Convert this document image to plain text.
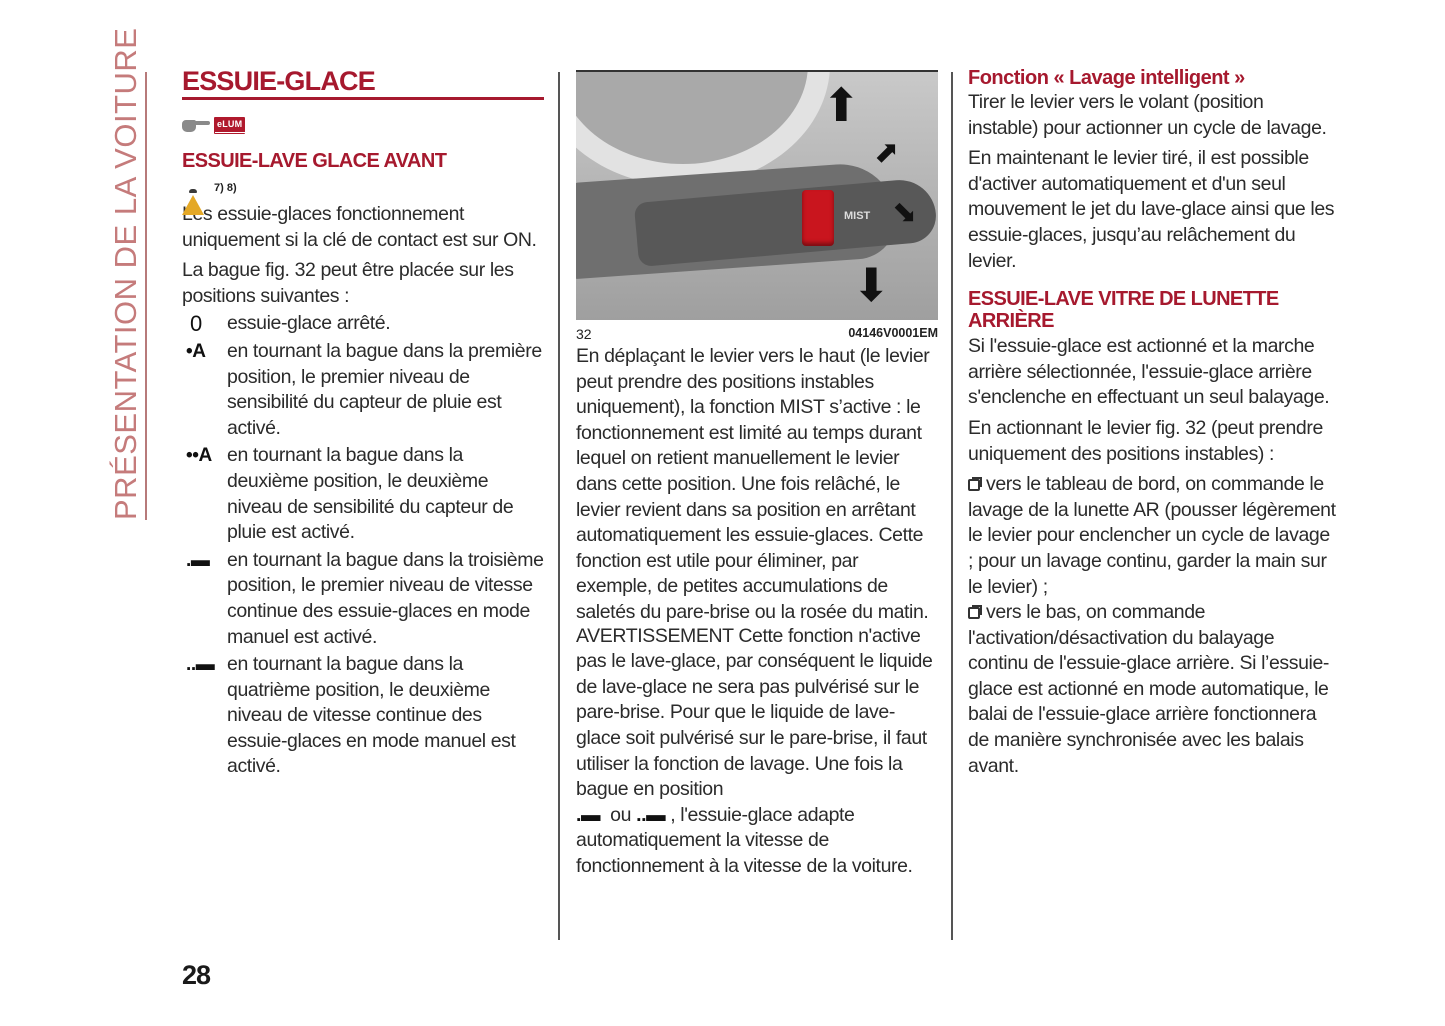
PRÉSENTATION DE LA VOITURE ESSUIE-GLACE
eLUM
ESSUIE-LAVE GLACE AVANT
7) 8)

Les essuie-glaces fonctionnement uniquement si la clé de contact est sur ON.

La bague fig. 32 peut être placée sur les positions suivantes :

0	essuie-glace arrêté.
•A	en tournant la bague dans la première position, le premier niveau de sensibilité du capteur de pluie est activé.
••A en tournant la bague dans la deuxième position, le deuxième niveau de sensibilité du capteur de pluie est activé.
.▬ en tournant la bague dans la troisième position, le premier niveau de vitesse continue des essuie-glaces en mode manuel est activé.
..▬ en tournant la bague dans la quatrième position, le deuxième niveau de vitesse continue des essuie-glaces en mode manuel est activé.
MIST
⬆
⬈
⬊
⬇
32	04146V0001EM

En déplaçant le levier vers le haut (le levier peut prendre des positions instables uniquement), la fonction MIST s’active : le fonctionnement est limité au temps durant lequel on retient manuellement le levier dans cette position. Une fois relâché, le levier revient dans sa position en arrêtant automatiquement les essuie-glaces. Cette fonction est utile pour éliminer, par exemple, de petites accumulations de saletés du pare-brise ou la rosée du matin.

AVERTISSEMENT Cette fonction n'active pas le lave-glace, par conséquent le liquide de lave-glace ne sera pas pulvérisé sur le pare-brise. Pour que le liquide de lave-glace soit pulvérisé sur le pare-brise, il faut utiliser la fonction de lavage. Une fois la bague en position
.▬ ou ..▬ , l'essuie-glace adapte automatiquement la vitesse de fonctionnement à la vitesse de la voiture.

Fonction « Lavage intelligent »

Tirer le levier vers le volant (position instable) pour actionner un cycle de lavage.

En maintenant le levier tiré, il est possible d'activer automatiquement et d'un seul mouvement le jet du lave-glace ainsi que les essuie-glaces, jusqu’au relâchement du levier.

ESSUIE-LAVE VITRE DE LUNETTE ARRIÈRE

Si l'essuie-glace est actionné et la marche arrière sélectionnée, l'essuie-glace arrière s'enclenche en effectuant un seul balayage.

En actionnant le levier fig. 32 (peut prendre uniquement des positions instables) :

vers le tableau de bord, on commande le lavage de la lunette AR (pousser légèrement le levier pour enclencher un cycle de lavage ; pour un lavage continu, garder la main sur le levier) ;

vers le bas, on commande l'activation/désactivation du balayage continu de l'essuie-glace arrière. Si l’essuie-glace est actionné en mode automatique, le balai de l'essuie-glace arrière fonctionnera de manière synchronisée avec les balais avant.

28
